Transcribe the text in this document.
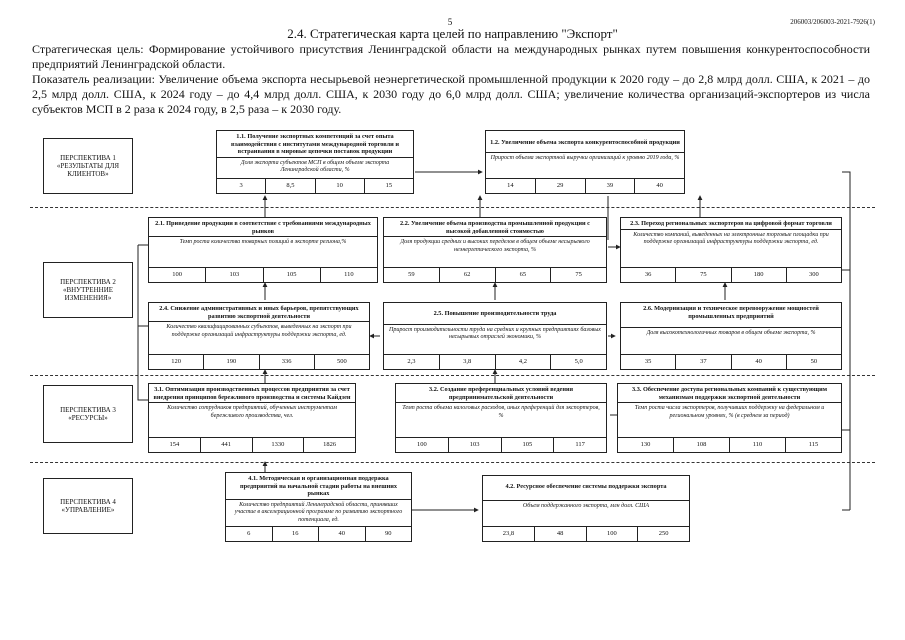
5	206003/206003-2021-7926(1)
2.4. Стратегическая карта целей по направлению "Экспорт"
Стратегическая цель: Формирование устойчивого присутствия Ленинградской области на международных рынках путем повышения конкурентоспособности предприятий Ленинградской области.
Показатель реализации: Увеличение объема экспорта несырьевой неэнергетической промышленной продукции к 2020 году – до 2,8 млрд долл. США, к 2021 – до 2,5 млрд долл. США, к 2024 году – до 4,4 млрд долл. США, к 2030 году до 6,0 млрд долл. США; увеличение количества организаций-экспортеров из числа субъектов МСП в 2 раза к 2024 году, в 2,5 раза – к 2030 году.
ПЕРСПЕКТИВА 1 «РЕЗУЛЬТАТЫ ДЛЯ КЛИЕНТОВ»
ПЕРСПЕКТИВА 2 «ВНУТРЕННИЕ ИЗМЕНЕНИЯ»
ПЕРСПЕКТИВА 3 «РЕСУРСЫ»
ПЕРСПЕКТИВА 4 «УПРАВЛЕНИЕ»
1.1. Получение экспортных компетенций за счет опыта взаимодействия с институтами международной торговли и встраивания в мировые цепочки поставок продукции
Доля экспорта субъектов МСП в общем объеме экспорта Ленинградской области, %
3	8,5	10	15
1.2. Увеличение объема экспорта конкурентоспособной продукции
Прирост объема экспортной выручки организаций к уровню 2019 года, %
14	29	39	40
2.1. Приведение продукции в соответствие с требованиями международных рынков
Темп роста количества товарных позиций в экспорте региона,%
100	103	105	110
2.2. Увеличение объема производства промышленной продукции с высокой добавленной стоимостью
Доля продукции средних и высоких переделов в общем объеме несырьевого неэнергетического экспорта, %
59	62	65	75
2.3. Переход региональных экспортеров на цифровой формат торговли
Количество компаний, выведенных на электронные торговые площадки при поддержке организаций инфраструктуры поддержки экспорта, ед.
36	75	180	300
2.4. Снижение административных и иных барьеров, препятствующих развитию экспортной деятельности
Количество квалифицированных субъектов, выведенных на экспорт при поддержке организаций инфраструктуры поддержки экспорта, ед.
120	190	336	500
2.5. Повышение производительности труда
Прирост производительности труда на средних и крупных предприятиях базовых несырьевых отраслей экономики, %
2,3	3,8	4,2	5,0
2.6. Модернизация и техническое перевооружение мощностей промышленных предприятий
Доля высокотехнологичных товаров в общем объеме экспорта, %
35	37	40	50
3.1. Оптимизация производственных процессов предприятия за счет внедрения принципов бережливого производства и системы Кайдзен
Количество сотрудников предприятий, обученных инструментам бережливого производства, чел.
154	441	1330	1826
3.2. Создание преференциальных условий ведения предпринимательской деятельности
Темп роста объема налоговых расходов, иных преференций для экспортеров, %
100	103	105	117
3.3. Обеспечение доступа региональных компаний к существующим механизмам поддержки экспортной деятельности
Темп роста числа экспортеров, получивших поддержку на федеральном и региональном уровнях, % (в среднем за период)
130	108	110	115
4.1. Методическая и организационная поддержка предприятий на начальной стадии работы на внешних рынках
Количество предприятий Ленинградской области, принявших участие в акселерационной программе по развитию экспортного потенциала, ед.
6	16	40	90
4.2. Ресурсное обеспечение системы поддержки экспорта
Объем поддержанного экспорта, млн долл. США
23,8	48	100	250
